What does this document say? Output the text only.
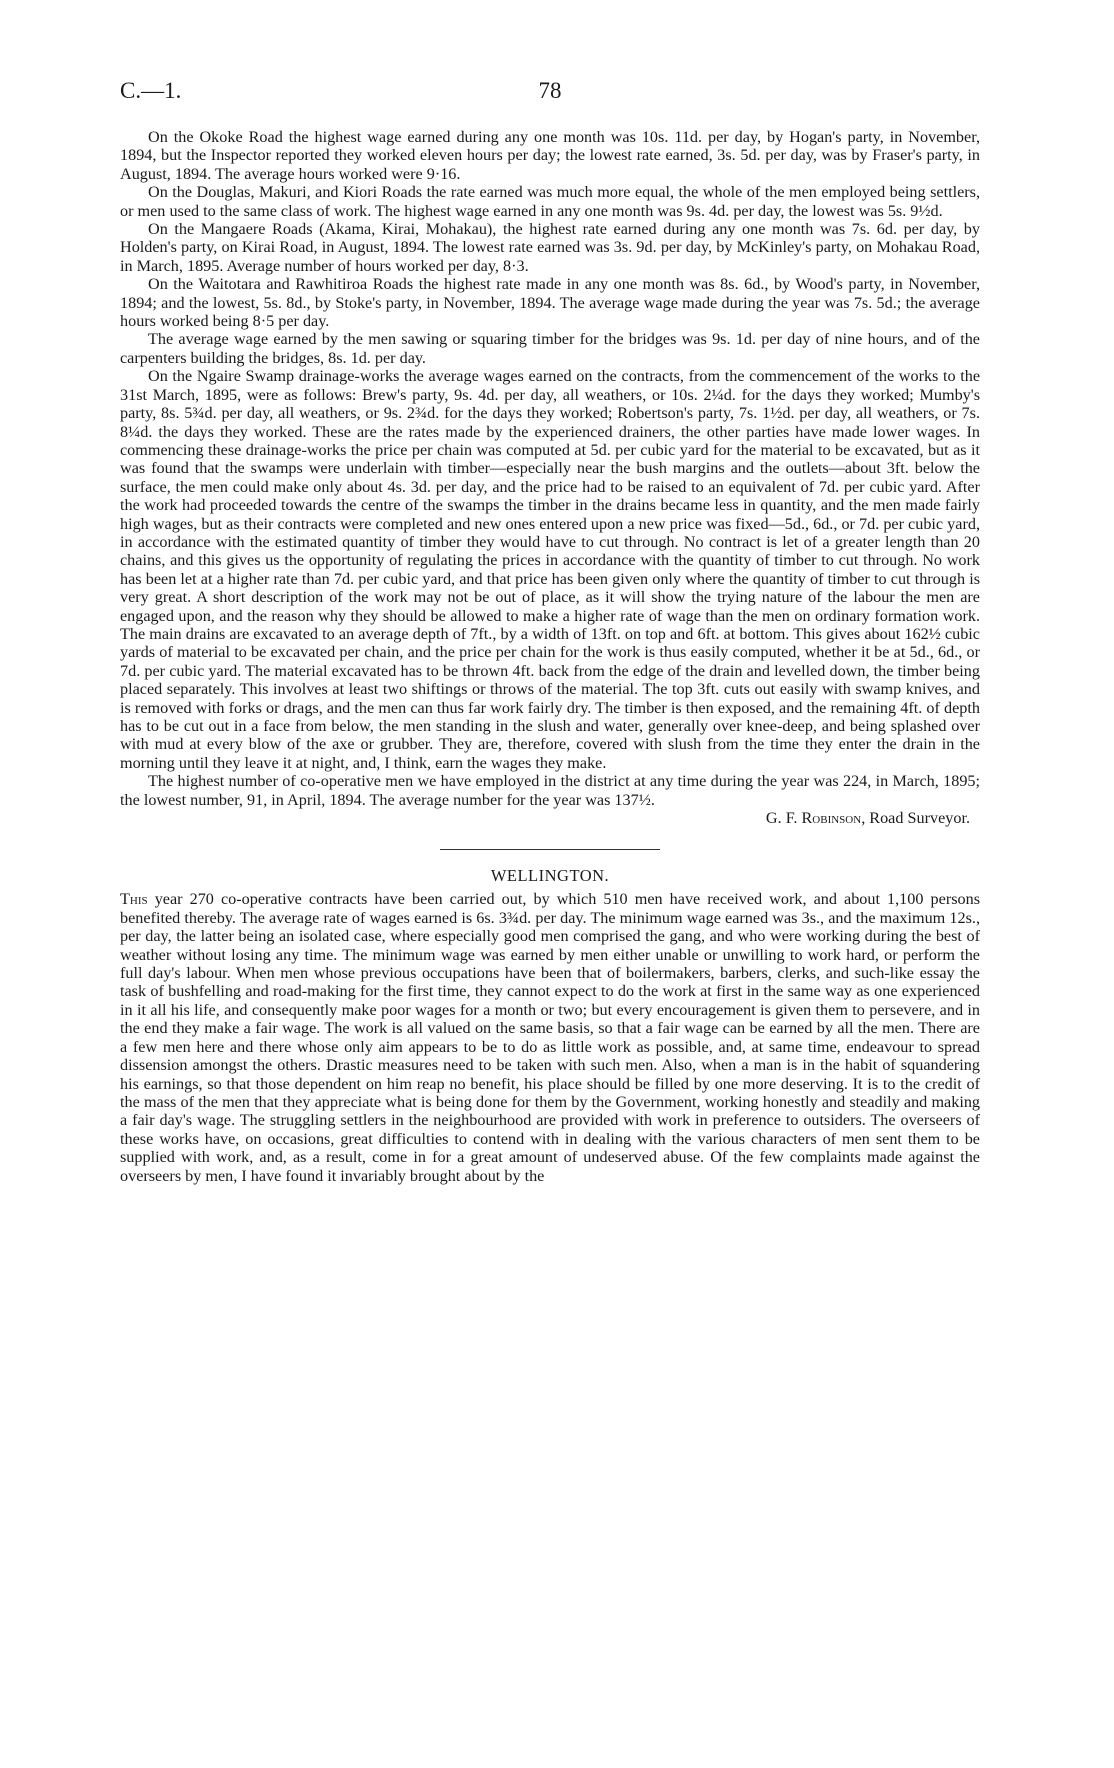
C.—1.	78

On the Okoke Road the highest wage earned during any one month was 10s. 11d. per day, by Hogan's party, in November, 1894, but the Inspector reported they worked eleven hours per day; the lowest rate earned, 3s. 5d. per day, was by Fraser's party, in August, 1894. The average hours worked were 9·16.

On the Douglas, Makuri, and Kiori Roads the rate earned was much more equal, the whole of the men employed being settlers, or men used to the same class of work. The highest wage earned in any one month was 9s. 4d. per day, the lowest was 5s. 9½d.

On the Mangaere Roads (Akama, Kirai, Mohakau), the highest rate earned during any one month was 7s. 6d. per day, by Holden's party, on Kirai Road, in August, 1894. The lowest rate earned was 3s. 9d. per day, by McKinley's party, on Mohakau Road, in March, 1895. Average number of hours worked per day, 8·3.

On the Waitotara and Rawhitiroa Roads the highest rate made in any one month was 8s. 6d., by Wood's party, in November, 1894; and the lowest, 5s. 8d., by Stoke's party, in November, 1894. The average wage made during the year was 7s. 5d.; the average hours worked being 8·5 per day.

The average wage earned by the men sawing or squaring timber for the bridges was 9s. 1d. per day of nine hours, and of the carpenters building the bridges, 8s. 1d. per day.

On the Ngaire Swamp drainage-works the average wages earned on the contracts, from the commencement of the works to the 31st March, 1895, were as follows: Brew's party, 9s. 4d. per day, all weathers, or 10s. 2¼d. for the days they worked; Mumby's party, 8s. 5¾d. per day, all weathers, or 9s. 2¾d. for the days they worked; Robertson's party, 7s. 1½d. per day, all weathers, or 7s. 8¼d. the days they worked. These are the rates made by the experienced drainers, the other parties have made lower wages. In commencing these drainage-works the price per chain was computed at 5d. per cubic yard for the material to be excavated, but as it was found that the swamps were underlain with timber—especially near the bush margins and the outlets—about 3ft. below the surface, the men could make only about 4s. 3d. per day, and the price had to be raised to an equivalent of 7d. per cubic yard. After the work had proceeded towards the centre of the swamps the timber in the drains became less in quantity, and the men made fairly high wages, but as their contracts were completed and new ones entered upon a new price was fixed—5d., 6d., or 7d. per cubic yard, in accordance with the estimated quantity of timber they would have to cut through. No contract is let of a greater length than 20 chains, and this gives us the opportunity of regulating the prices in accordance with the quantity of timber to cut through. No work has been let at a higher rate than 7d. per cubic yard, and that price has been given only where the quantity of timber to cut through is very great. A short description of the work may not be out of place, as it will show the trying nature of the labour the men are engaged upon, and the reason why they should be allowed to make a higher rate of wage than the men on ordinary formation work. The main drains are excavated to an average depth of 7ft., by a width of 13ft. on top and 6ft. at bottom. This gives about 162½ cubic yards of material to be excavated per chain, and the price per chain for the work is thus easily computed, whether it be at 5d., 6d., or 7d. per cubic yard. The material excavated has to be thrown 4ft. back from the edge of the drain and levelled down, the timber being placed separately. This involves at least two shiftings or throws of the material. The top 3ft. cuts out easily with swamp knives, and is removed with forks or drags, and the men can thus far work fairly dry. The timber is then exposed, and the remaining 4ft. of depth has to be cut out in a face from below, the men standing in the slush and water, generally over knee-deep, and being splashed over with mud at every blow of the axe or grubber. They are, therefore, covered with slush from the time they enter the drain in the morning until they leave it at night, and, I think, earn the wages they make.

The highest number of co-operative men we have employed in the district at any time during the year was 224, in March, 1895; the lowest number, 91, in April, 1894. The average number for the year was 137½.

G. F. Robinson, Road Surveyor.
WELLINGTON.

This year 270 co-operative contracts have been carried out, by which 510 men have received work, and about 1,100 persons benefited thereby. The average rate of wages earned is 6s. 3¾d. per day. The minimum wage earned was 3s., and the maximum 12s., per day, the latter being an isolated case, where especially good men comprised the gang, and who were working during the best of weather without losing any time. The minimum wage was earned by men either unable or unwilling to work hard, or perform the full day's labour. When men whose previous occupations have been that of boilermakers, barbers, clerks, and such-like essay the task of bushfelling and road-making for the first time, they cannot expect to do the work at first in the same way as one experienced in it all his life, and consequently make poor wages for a month or two; but every encouragement is given them to persevere, and in the end they make a fair wage. The work is all valued on the same basis, so that a fair wage can be earned by all the men. There are a few men here and there whose only aim appears to be to do as little work as possible, and, at same time, endeavour to spread dissension amongst the others. Drastic measures need to be taken with such men. Also, when a man is in the habit of squandering his earnings, so that those dependent on him reap no benefit, his place should be filled by one more deserving. It is to the credit of the mass of the men that they appreciate what is being done for them by the Government, working honestly and steadily and making a fair day's wage. The struggling settlers in the neighbourhood are provided with work in preference to outsiders. The overseers of these works have, on occasions, great difficulties to contend with in dealing with the various characters of men sent them to be supplied with work, and, as a result, come in for a great amount of undeserved abuse. Of the few complaints made against the overseers by men, I have found it invariably brought about by the
